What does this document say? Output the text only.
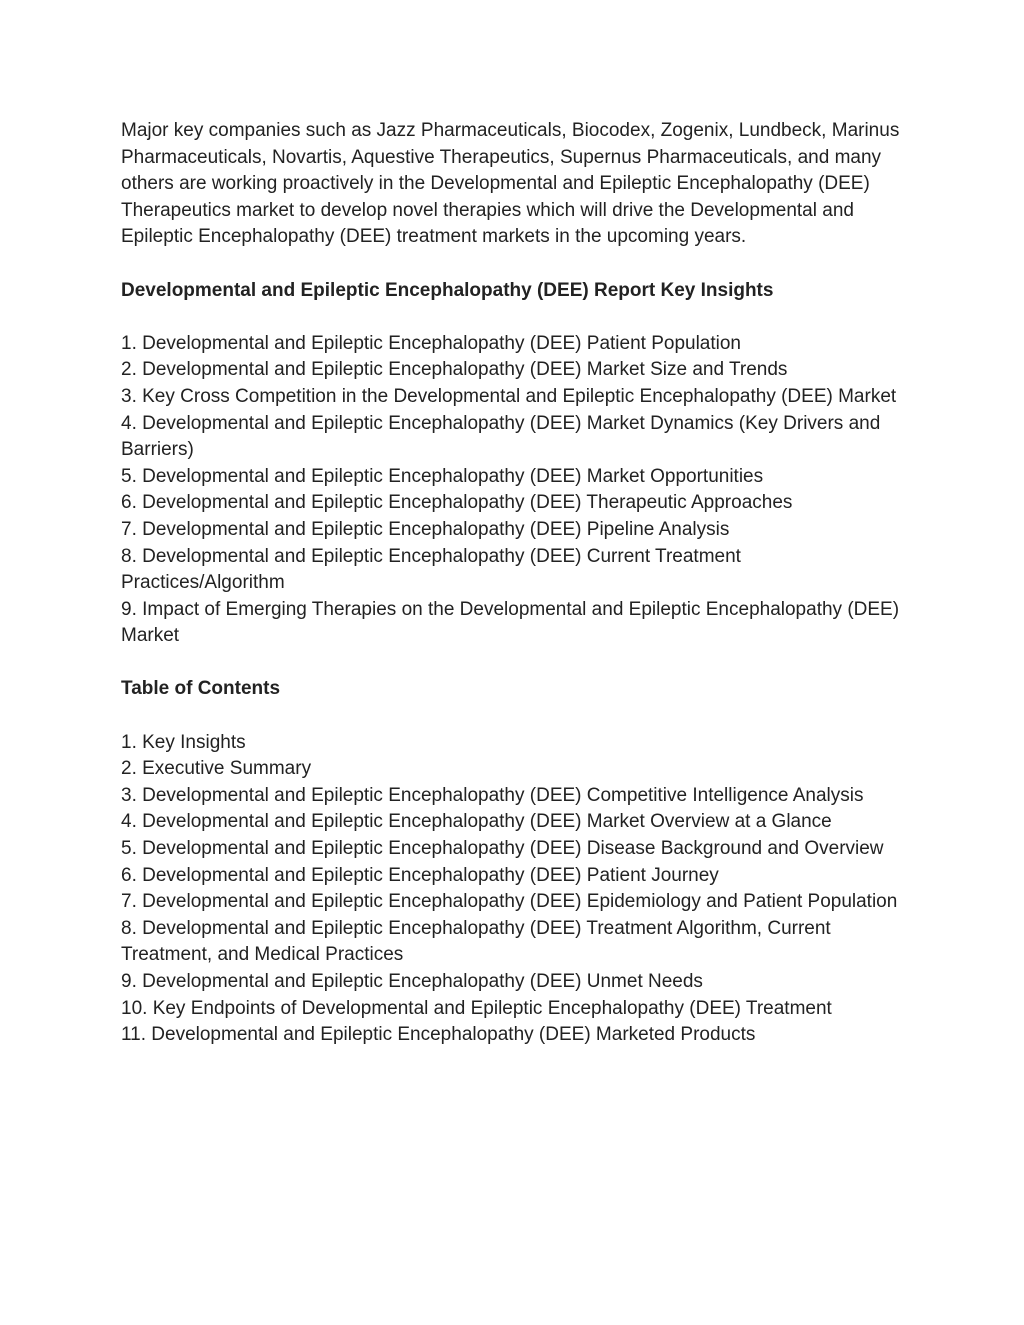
Major key companies such as Jazz Pharmaceuticals, Biocodex, Zogenix, Lundbeck, Marinus Pharmaceuticals, Novartis, Aquestive Therapeutics, Supernus Pharmaceuticals, and many others are working proactively in the Developmental and Epileptic Encephalopathy (DEE) Therapeutics market to develop novel therapies which will drive the Developmental and Epileptic Encephalopathy (DEE) treatment markets in the upcoming years.

Developmental and Epileptic Encephalopathy (DEE) Report Key Insights

1. Developmental and Epileptic Encephalopathy (DEE) Patient Population

2. Developmental and Epileptic Encephalopathy (DEE) Market Size and Trends

3. Key Cross Competition in the Developmental and Epileptic Encephalopathy (DEE) Market

4. Developmental and Epileptic Encephalopathy (DEE) Market Dynamics (Key Drivers and Barriers)

5. Developmental and Epileptic Encephalopathy (DEE) Market Opportunities

6. Developmental and Epileptic Encephalopathy (DEE) Therapeutic Approaches

7. Developmental and Epileptic Encephalopathy (DEE) Pipeline Analysis

8. Developmental and Epileptic Encephalopathy (DEE) Current Treatment Practices/Algorithm

9. Impact of Emerging Therapies on the Developmental and Epileptic Encephalopathy (DEE) Market

Table of Contents

1. Key Insights

2. Executive Summary

3. Developmental and Epileptic Encephalopathy (DEE) Competitive Intelligence Analysis

4. Developmental and Epileptic Encephalopathy (DEE) Market Overview at a Glance

5. Developmental and Epileptic Encephalopathy (DEE) Disease Background and Overview

6. Developmental and Epileptic Encephalopathy (DEE) Patient Journey

7. Developmental and Epileptic Encephalopathy (DEE) Epidemiology and Patient Population

8. Developmental and Epileptic Encephalopathy (DEE) Treatment Algorithm, Current Treatment, and Medical Practices

9. Developmental and Epileptic Encephalopathy (DEE) Unmet Needs

10. Key Endpoints of Developmental and Epileptic Encephalopathy (DEE) Treatment

11. Developmental and Epileptic Encephalopathy (DEE) Marketed Products
